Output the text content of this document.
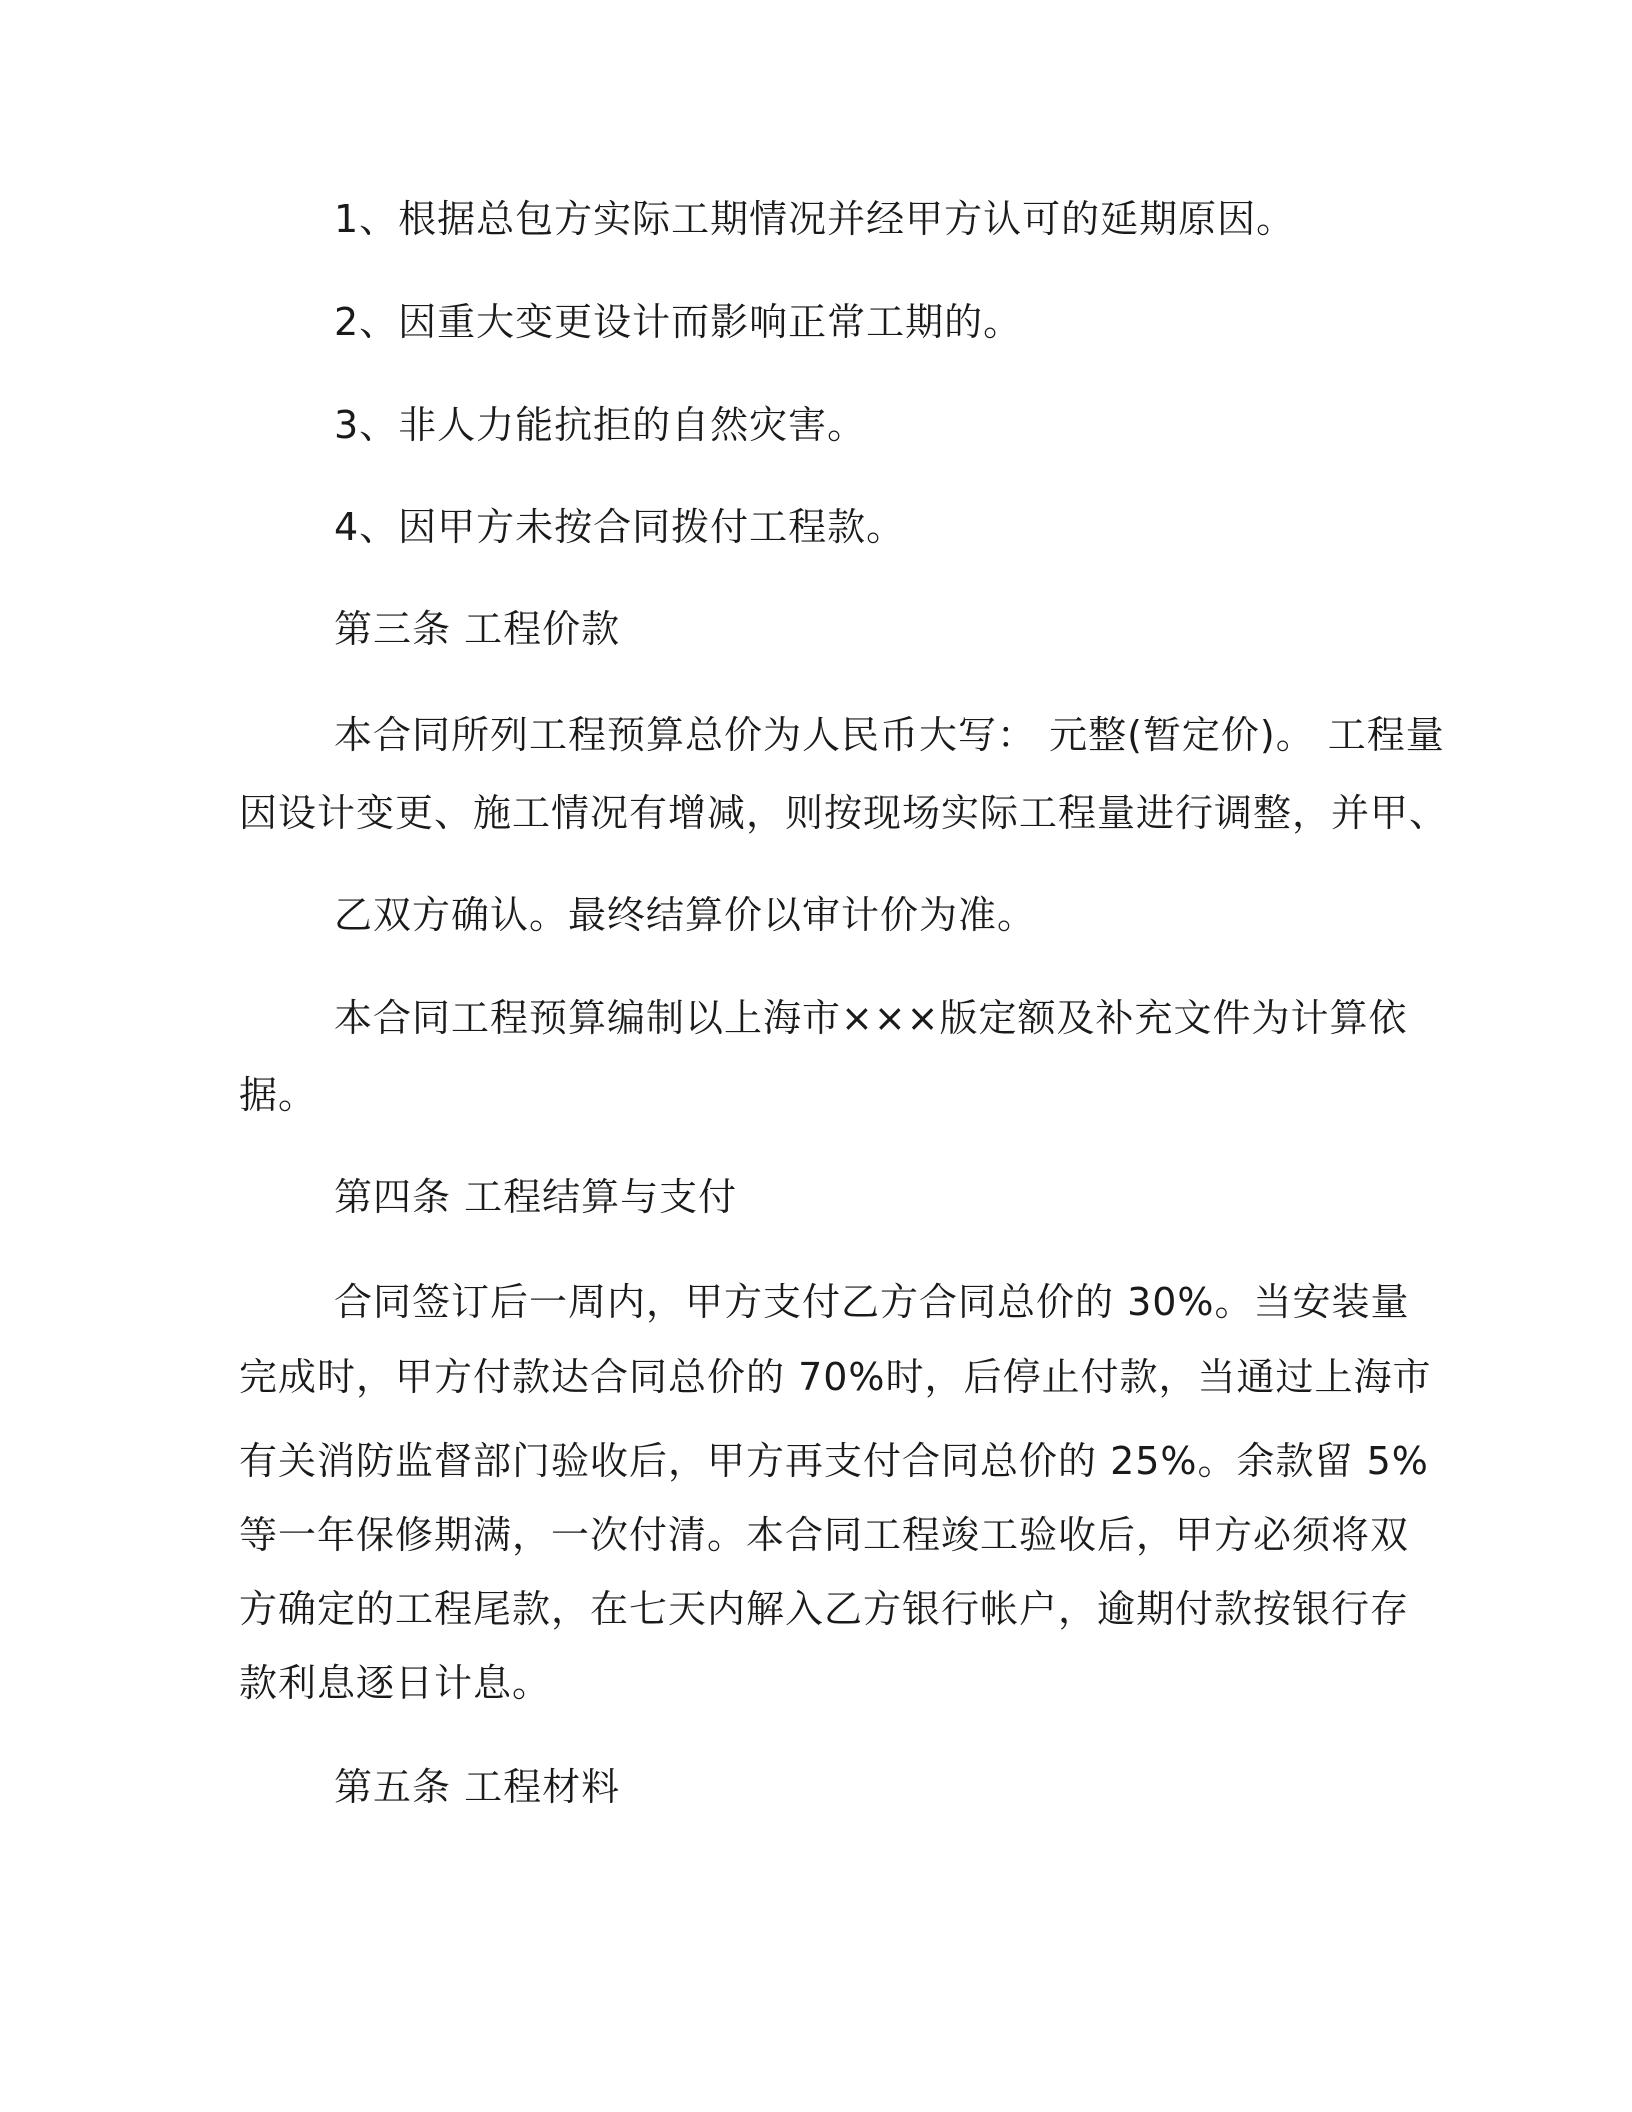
1、根据总包方实际工期情况并经甲方认可的延期原因。
2、因重大变更设计而影响正常工期的。
3、非人力能抗拒的自然灾害。
4、因甲方未按合同拨付工程款。
第三条 工程价款
本合同所列工程预算总价为人民币大写： 元整(暂定价)。 工程量
因设计变更、施工情况有增减，则按现场实际工程量进行调整，并甲、
乙双方确认。最终结算价以审计价为准。
本合同工程预算编制以上海市×××版定额及补充文件为计算依
据。
第四条 工程结算与支付
合同签订后一周内，甲方支付乙方合同总价的 30%。当安装量
完成时，甲方付款达合同总价的 70%时，后停止付款，当通过上海市
有关消防监督部门验收后，甲方再支付合同总价的 25%。余款留 5%
等一年保修期满，一次付清。本合同工程竣工验收后，甲方必须将双
方确定的工程尾款，在七天内解入乙方银行帐户，逾期付款按银行存
款利息逐日计息。
第五条 工程材料
